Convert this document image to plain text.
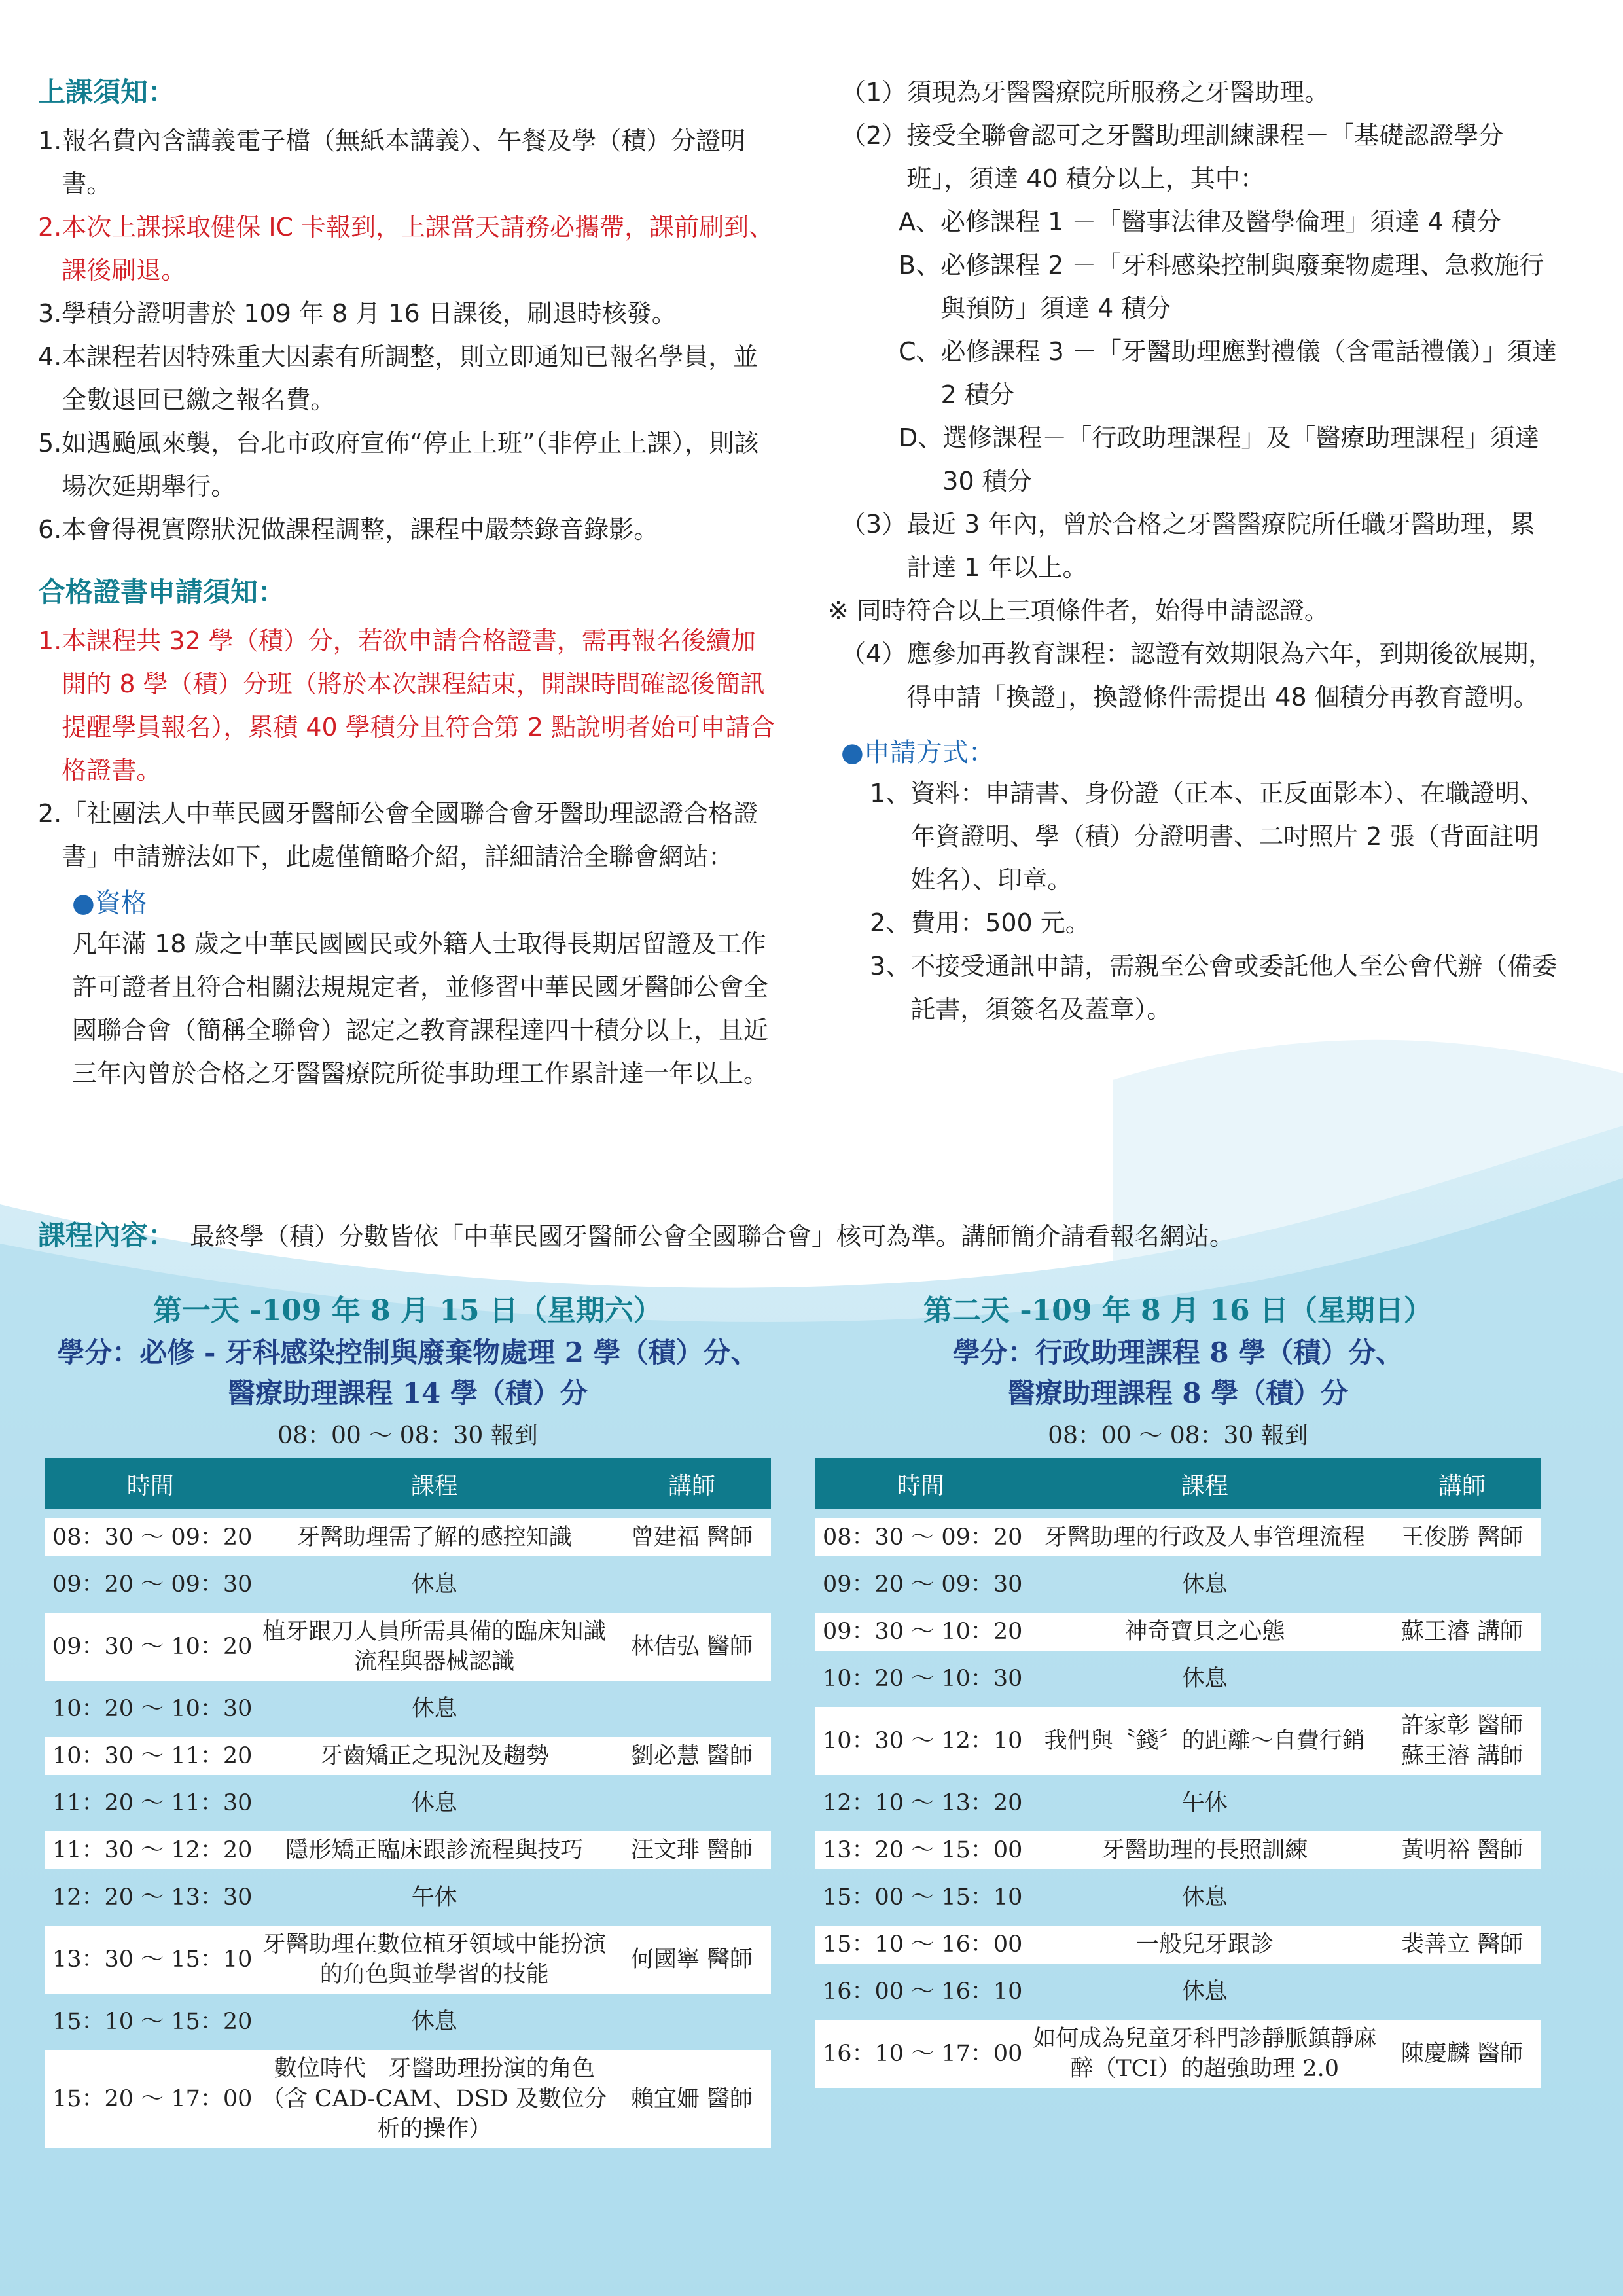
上課須知：
1. 報名費內含講義電子檔（無紙本講義）、午餐及學（積）分證明書。
2. 本次上課採取健保 IC 卡報到，上課當天請務必攜帶，課前刷到、課後刷退。
3. 學積分證明書於 109 年 8 月 16 日課後，刷退時核發。
4. 本課程若因特殊重大因素有所調整，則立即通知已報名學員，並全數退回已繳之報名費。
5. 如遇颱風來襲，台北市政府宣佈“停止上班”（非停止上課），則該場次延期舉行。
6. 本會得視實際狀況做課程調整，課程中嚴禁錄音錄影。
合格證書申請須知：
1. 本課程共 32 學（積）分，若欲申請合格證書，需再報名後續加開的 8 學（積）分班（將於本次課程結束，開課時間確認後簡訊提醒學員報名），累積 40 學積分且符合第 2 點說明者始可申請合格證書。
2. 「社團法人中華民國牙醫師公會全國聯合會牙醫助理認證合格證書」申請辦法如下，此處僅簡略介紹，詳細請洽全聯會網站：
●資格
凡年滿 18 歲之中華民國國民或外籍人士取得長期居留證及工作許可證者且符合相關法規規定者，並修習中華民國牙醫師公會全國聯合會（簡稱全聯會）認定之教育課程達四十積分以上，且近三年內曾於合格之牙醫醫療院所從事助理工作累計達一年以上。
（1） 須現為牙醫醫療院所服務之牙醫助理。
（2） 接受全聯會認可之牙醫助理訓練課程－「基礎認證學分班」，須達 40 積分以上，其中：
A、 必修課程 1 －「醫事法律及醫學倫理」須達 4 積分
B、 必修課程 2 －「牙科感染控制與廢棄物處理、急救施行與預防」須達 4 積分
C、 必修課程 3 －「牙醫助理應對禮儀（含電話禮儀）」須達 2 積分
D、 選修課程－「行政助理課程」及「醫療助理課程」須達 30 積分
（3） 最近 3 年內，曾於合格之牙醫醫療院所任職牙醫助理，累計達 1 年以上。
※ 同時符合以上三項條件者，始得申請認證。
（4） 應參加再教育課程：認證有效期限為六年，到期後欲展期，得申請「換證」，換證條件需提出 48 個積分再教育證明。
●申請方式：
1、 資料：申請書、身份證（正本、正反面影本）、在職證明、年資證明、學（積）分證明書、二吋照片 2 張（背面註明姓名）、印章。
2、 費用：500 元。
3、 不接受通訊申請，需親至公會或委託他人至公會代辦（備委託書，須簽名及蓋章）。
課程內容： 最終學（積）分數皆依「中華民國牙醫師公會全國聯合會」核可為準。講師簡介請看報名網站。
第一天 -109 年 8 月 15 日（星期六）
學分：必修 - 牙科感染控制與廢棄物處理 2 學（積）分、
醫療助理課程 14 學（積）分
08：00 ～ 08：30 報到
時間	課程	講師
08：30 ～ 09：20	牙醫助理需了解的感控知識	曾建福 醫師
09：20 ～ 09：30	休息	
09：30 ～ 10：20	植牙跟刀人員所需具備的臨床知識流程與器械認識	林佶弘 醫師
10：20 ～ 10：30	休息	
10：30 ～ 11：20	牙齒矯正之現況及趨勢	劉必慧 醫師
11：20 ～ 11：30	休息	
11：30 ～ 12：20	隱形矯正臨床跟診流程與技巧	汪文琲 醫師
12：20 ～ 13：30	午休	
13：30 ～ 15：10	牙醫助理在數位植牙領域中能扮演的角色與並學習的技能	何國寧 醫師
15：10 ～ 15：20	休息	
15：20 ～ 17：00	數位時代　牙醫助理扮演的角色（含 CAD-CAM、DSD 及數位分析的操作）	賴宜姍 醫師
第二天 -109 年 8 月 16 日（星期日）
學分：行政助理課程 8 學（積）分、
醫療助理課程 8 學（積）分
08：00 ～ 08：30 報到
時間	課程	講師
08：30 ～ 09：20	牙醫助理的行政及人事管理流程	王俊勝 醫師
09：20 ～ 09：30	休息	
09：30 ～ 10：20	神奇寶貝之心態	蘇王濬 講師
10：20 ～ 10：30	休息	
10：30 ～ 12：10	我們與〝錢〞的距離～自費行銷	許家彰 醫師
蘇王濬 講師
12：10 ～ 13：20	午休	
13：20 ～ 15：00	牙醫助理的長照訓練	黃明裕 醫師
15：00 ～ 15：10	休息	
15：10 ～ 16：00	一般兒牙跟診	裴善立 醫師
16：00 ～ 16：10	休息	
16：10 ～ 17：00	如何成為兒童牙科門診靜脈鎮靜麻醉（TCI）的超強助理 2.0	陳慶麟 醫師
